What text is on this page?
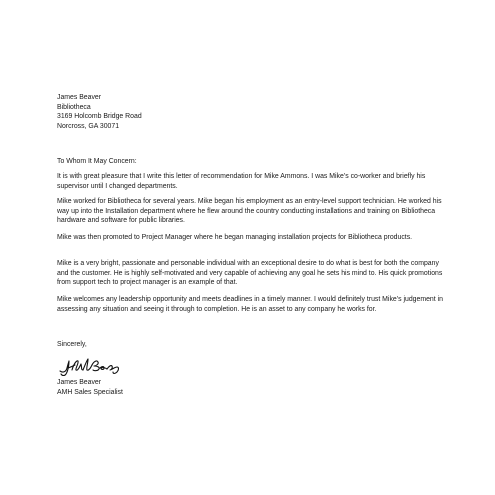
James Beaver

Bibliotheca

3169 Holcomb Bridge Road

Norcross, GA 30071

To Whom It May Concern:

It is with great pleasure that I write this letter of recommendation for Mike Ammons. I was Mike’s co-worker and briefly his supervisor until I changed departments.

Mike worked for Bibliotheca for several years. Mike began his employment as an entry-level support technician. He worked his way up into the Installation department where he flew around the country conducting installations and training on Bibliotheca hardware and software for public libraries.

Mike was then promoted to Project Manager where he began managing installation projects for Bibliotheca products.

Mike is a very bright, passionate and personable individual with an exceptional desire to do what is best for both the company and the customer. He is highly self-motivated and very capable of achieving any goal he sets his mind to. His quick promotions from support tech to project manager is an example of that.

Mike welcomes any leadership opportunity and meets deadlines in a timely manner. I would definitely trust Mike’s judgement in assessing any situation and seeing it through to completion. He is an asset to any company he works for.

Sincerely,

James Beaver

AMH Sales Specialist
